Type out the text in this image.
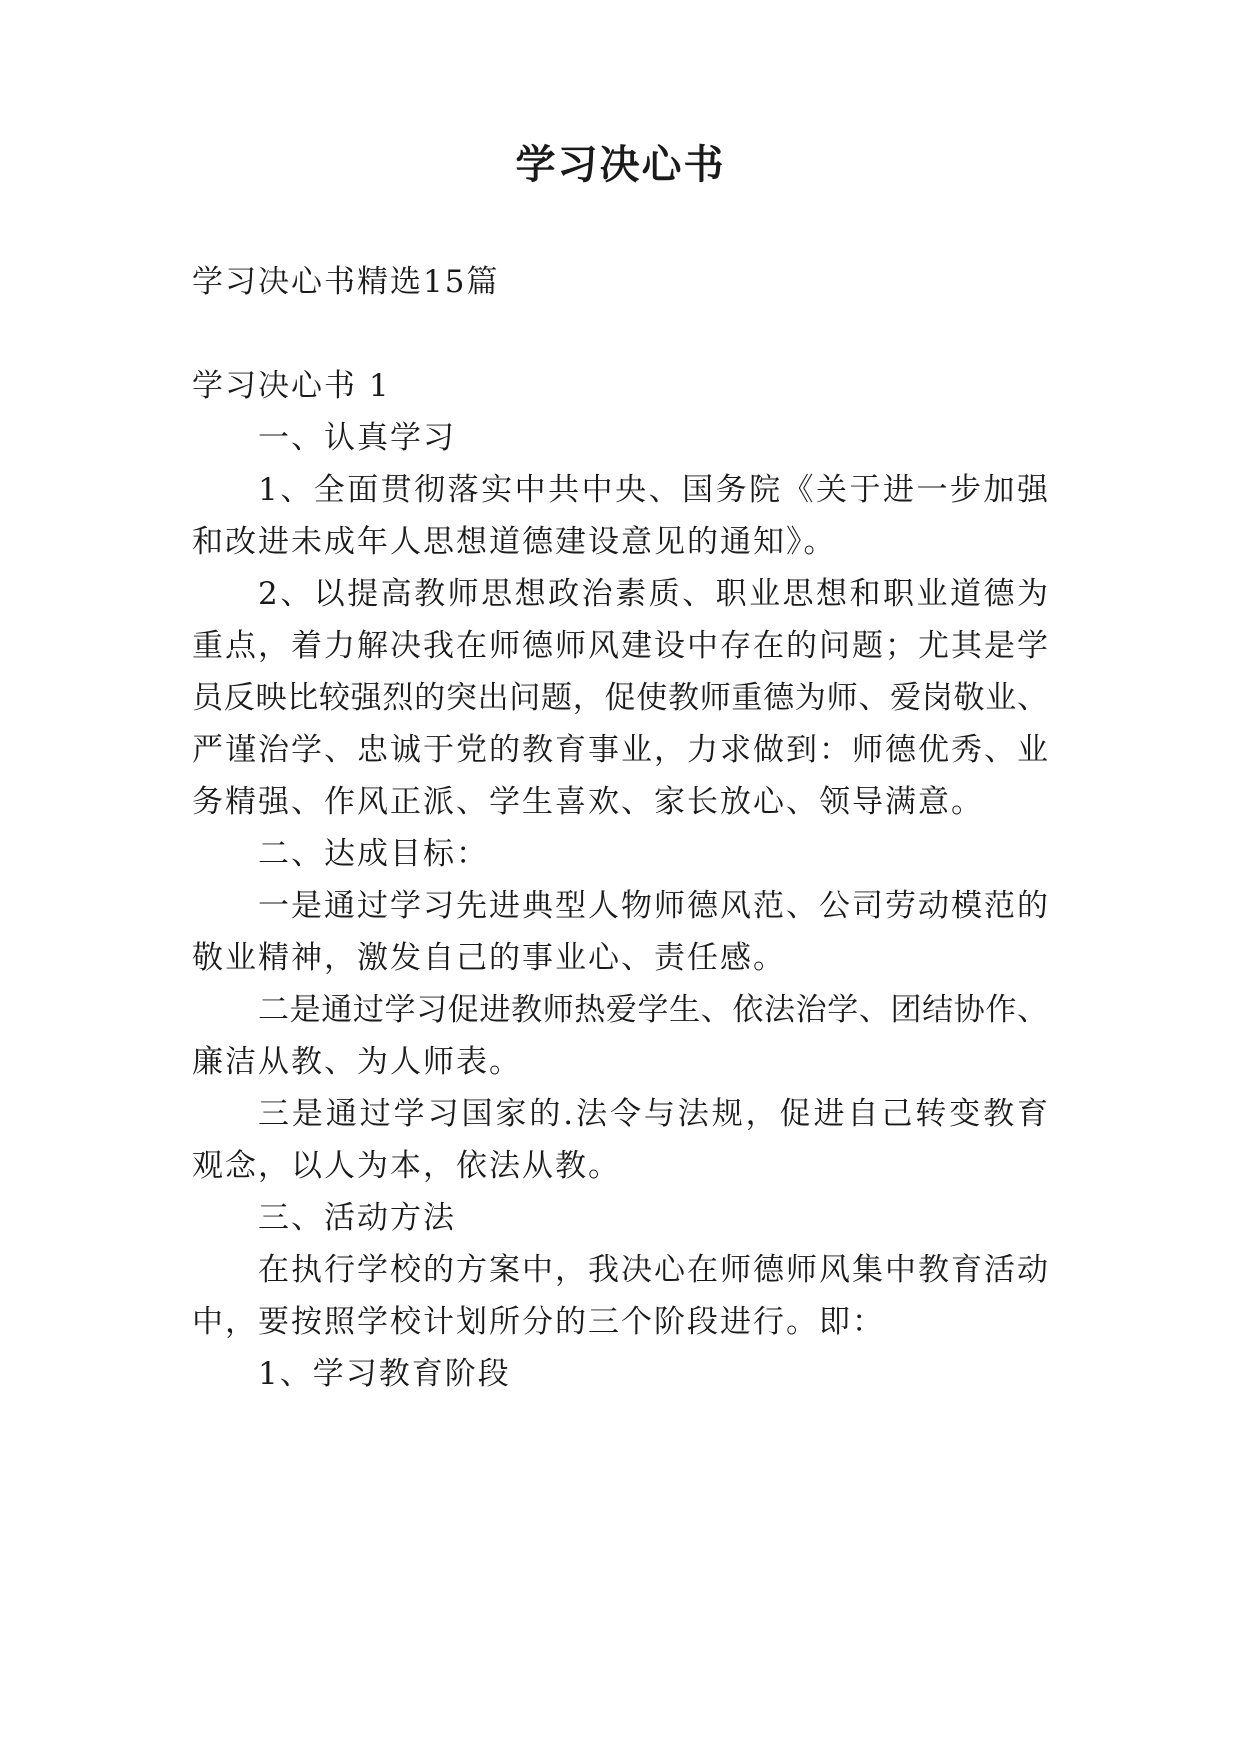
学习决心书
学习决心书精选15篇
学习决心书 1
一、认真学习
1、全面贯彻落实中共中央、国务院《关于进一步加强
和改进未成年人思想道德建设意见的通知》。
2、以提高教师思想政治素质、职业思想和职业道德为
重点，着力解决我在师德师风建设中存在的问题；尤其是学
员反映比较强烈的突出问题，促使教师重德为师、爱岗敬业、
严谨治学、忠诚于党的教育事业，力求做到：师德优秀、业
务精强、作风正派、学生喜欢、家长放心、领导满意。
二、达成目标：
一是通过学习先进典型人物师德风范、公司劳动模范的
敬业精神，激发自己的事业心、责任感。
二是通过学习促进教师热爱学生、依法治学、团结协作、
廉洁从教、为人师表。
三是通过学习国家的.法令与法规，促进自己转变教育
观念，以人为本，依法从教。
三、活动方法
在执行学校的方案中，我决心在师德师风集中教育活动
中，要按照学校计划所分的三个阶段进行。即：
1、学习教育阶段
